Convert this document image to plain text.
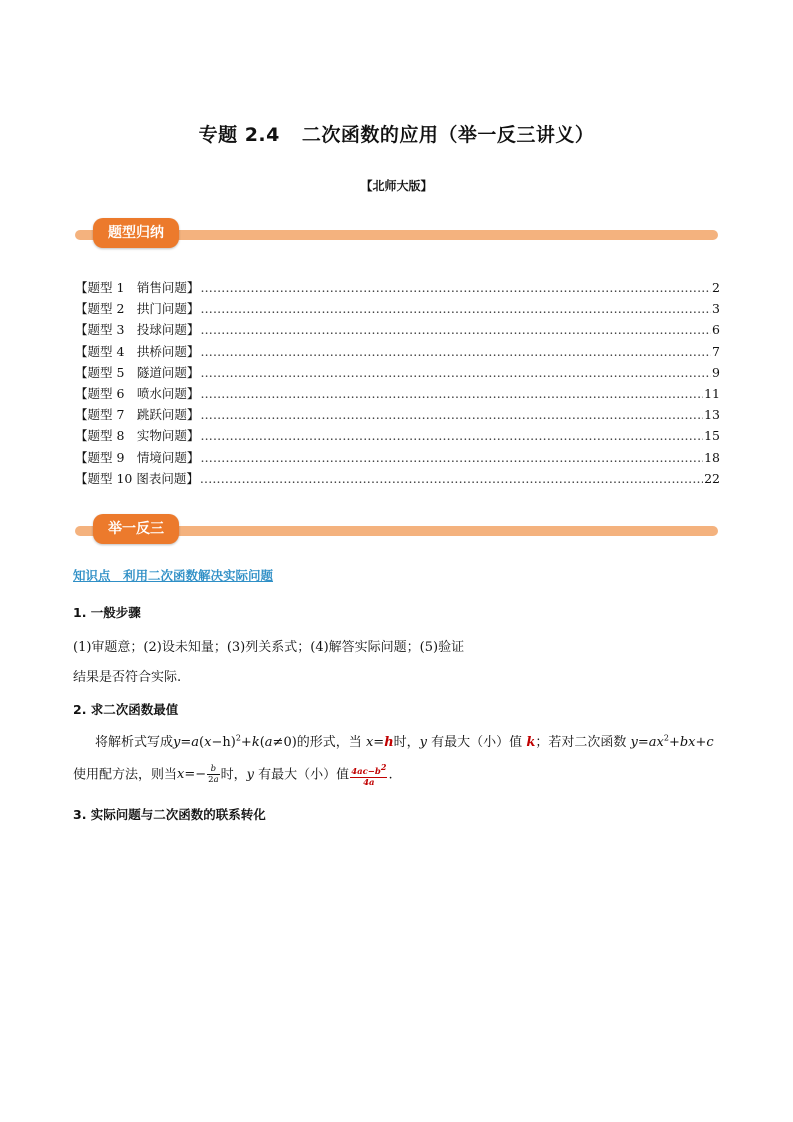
专题 2.4 二次函数的应用（举一反三讲义）
【北师大版】
题型归纳
【题型 1　销售问题】 .....	2
【题型 2　拱门问题】 .....	3
【题型 3　投球问题】 .....	6
【题型 4　拱桥问题】 .....	7
【题型 5　隧道问题】 .....	9
【题型 6　喷水问题】 .....	11
【题型 7　跳跃问题】 .....	13
【题型 8　实物问题】 .....	15
【题型 9　情境问题】 .....	18
【题型 10 图表问题】 .....	22
举一反三
知识点　利用二次函数解决实际问题
1. 一般步骤
(1)审题意；(2)设未知量；(3)列关系式；(4)解答实际问题；(5)验证
结果是否符合实际.
2. 求二次函数最值
将解析式写成$y=a(x-h)^2+k(a\ne 0)$的形式，当 x=h时，y 有最大（小）值 k；若对二次函数 $y=ax^2+bx+c$
使用配方法，则当$x=- \frac{b}{2a}$ 时，y 有最大（小）值 $\frac{4ac-b^2}{4a}$ .
3. 实际问题与二次函数的联系转化
